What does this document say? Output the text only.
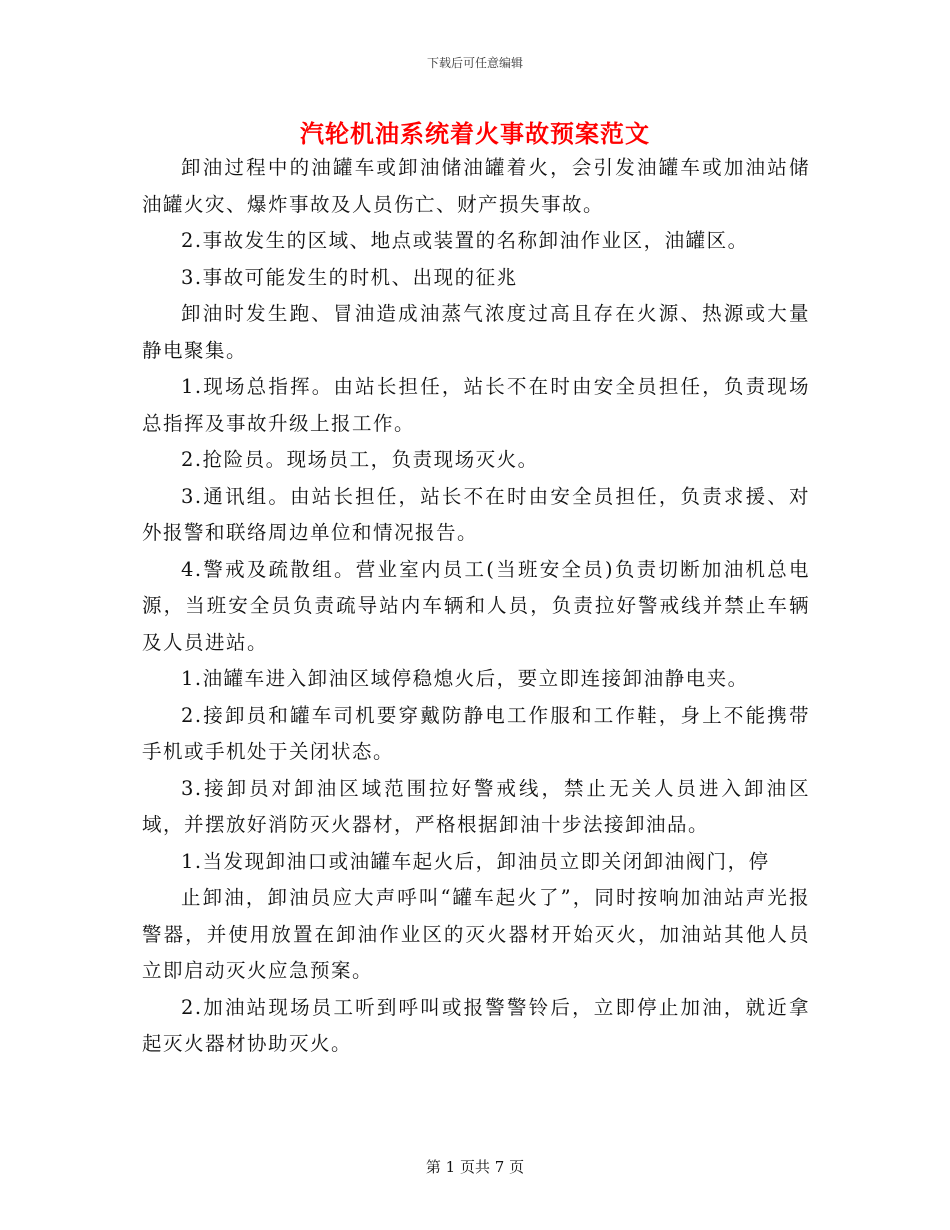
下载后可任意编辑
汽轮机油系统着火事故预案范文

卸油过程中的油罐车或卸油储油罐着火，会引发油罐车或加油站储油罐火灾、爆炸事故及人员伤亡、财产损失事故。

2.事故发生的区域、地点或装置的名称卸油作业区，油罐区。

3.事故可能发生的时机、出现的征兆

卸油时发生跑、冒油造成油蒸气浓度过高且存在火源、热源或大量静电聚集。

1.现场总指挥。由站长担任，站长不在时由安全员担任，负责现场总指挥及事故升级上报工作。

2.抢险员。现场员工，负责现场灭火。

3.通讯组。由站长担任，站长不在时由安全员担任，负责求援、对外报警和联络周边单位和情况报告。

4.警戒及疏散组。营业室内员工(当班安全员)负责切断加油机总电源，当班安全员负责疏导站内车辆和人员，负责拉好警戒线并禁止车辆及人员进站。

1.油罐车进入卸油区域停稳熄火后，要立即连接卸油静电夹。

2.接卸员和罐车司机要穿戴防静电工作服和工作鞋，身上不能携带手机或手机处于关闭状态。

3.接卸员对卸油区域范围拉好警戒线，禁止无关人员进入卸油区域，并摆放好消防灭火器材，严格根据卸油十步法接卸油品。

1.当发现卸油口或油罐车起火后，卸油员立即关闭卸油阀门，停

止卸油，卸油员应大声呼叫“罐车起火了”，同时按响加油站声光报警器，并使用放置在卸油作业区的灭火器材开始灭火，加油站其他人员立即启动灭火应急预案。

2.加油站现场员工听到呼叫或报警警铃后，立即停止加油，就近拿起灭火器材协助灭火。

第 1 页共 7 页
